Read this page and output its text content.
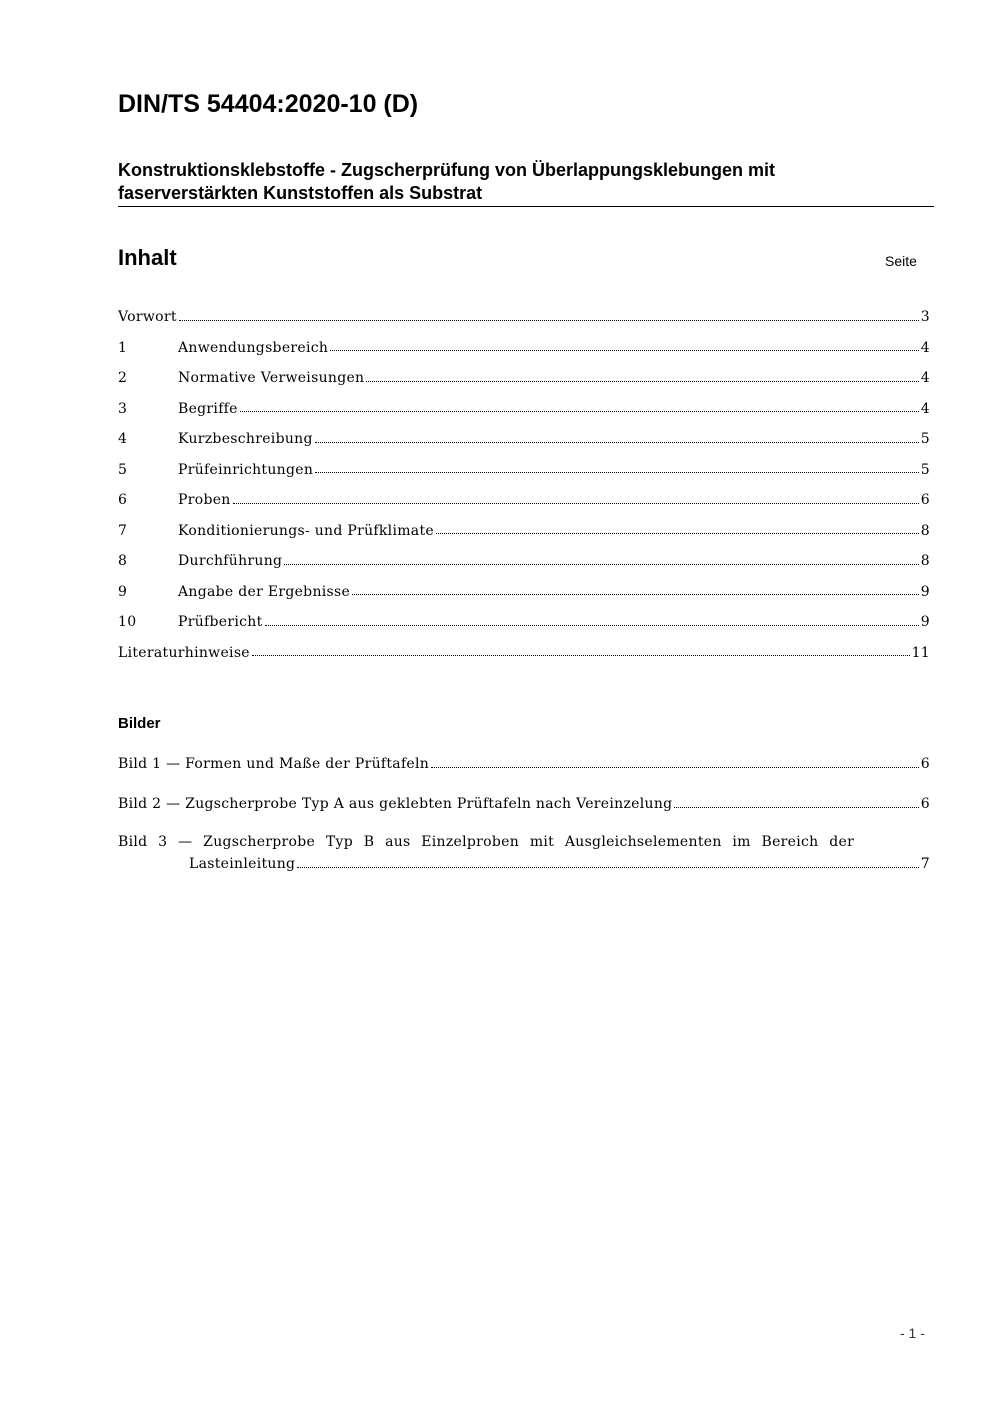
DIN/TS 54404:2020-10 (D)
Konstruktionsklebstoffe - Zugscherprüfung von Überlappungsklebungen mit faserverstärkten Kunststoffen als Substrat
Inhalt	Seite
Vorwort	3
1	Anwendungsbereich	4
2	Normative Verweisungen	4
3	Begriffe	4
4	Kurzbeschreibung	5
5	Prüfeinrichtungen	5
6	Proben	6
7	Konditionierungs- und Prüfklimate	8
8	Durchführung	8
9	Angabe der Ergebnisse	9
10	Prüfbericht	9
Literaturhinweise	11
Bilder
Bild 1 — Formen und Maße der Prüftafeln	6
Bild 2 — Zugscherprobe Typ A aus geklebten Prüftafeln nach Vereinzelung	6
Bild 3 — Zugscherprobe Typ B aus Einzelproben mit Ausgleichselementen im Bereich der
Lasteinleitung	7
- 1 -
